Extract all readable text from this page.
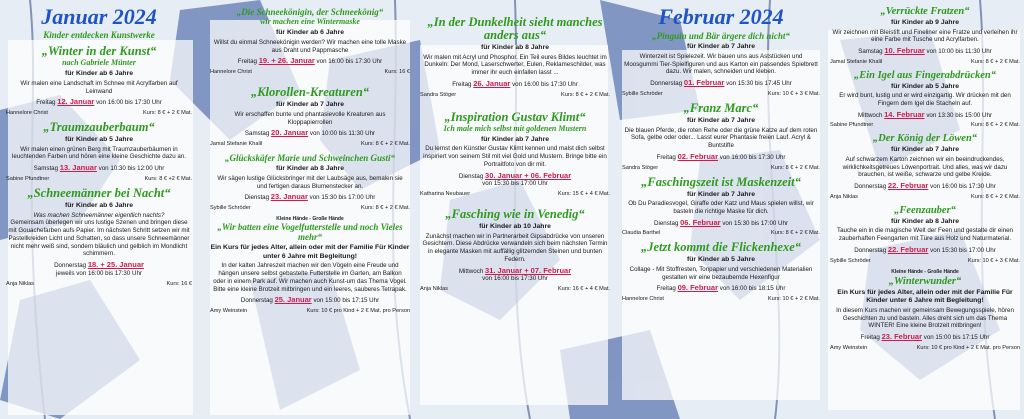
Januar 2024
Kinder entdecken Kunstwerke
„Winter in der Kunst“
nach Gabriele Münter
für Kinder ab 6 Jahre
Wir malen eine Landschaft im Schnee mit Acrylfarben auf Leinwand
Freitag 12. Januar von 16:00 bis 17:30 Uhr
Hannelore Christ	Kurs: 8 € + 2 € Mat.
„Traumzauberbaum“
für Kinder ab 5 Jahre
Wir malen einen grünen Berg mit Traumzauberbäumen in leuchtenden Farben und hören eine kleine Geschichte dazu an.
Samstag 13. Januar von 10:30 bis 12:00 Uhr
Sabine Pfundtner	Kurs: 8 € +2 € Mat.
„Schneemänner bei Nacht“
für Kinder ab 6 Jahre
Was machen Schneemänner eigentlich nachts?
Gemeinsam überlegen wir uns lustige Szenen und bringen diese mit Gouachefarben aufs Papier. Im nächsten Schritt setzen wir mit Pastellkreiden Licht und Schatten, so dass unsere Schneemänner nicht mehr weiß sind, sondern bläulich und gelblich im Mondlicht schimmern.
Donnerstag 18. + 25. Januar
jeweils von 16:00 bis 17:30 Uhr
Anja Niklas	Kurs: 16 €
„Die Schneekönigin, der Schneekönig“
wir machen eine Wintermaske
für Kinder ab 6 Jahre
Willst du einmal Schneekönigin werden? Wir machen eine tolle Maske aus Draht und Pappmasche
Freitag 19. + 26. Januar von 16:00 bis 17:30 Uhr
Hannelore Christ	Kurs: 16 €
„Klorollen-Kreaturen“
für Kinder ab 7 Jahre
Wir erschaffen bunte und phantasievolle Kreaturen aus Kloppapierrollen
Samstag 20. Januar von 10:00 bis 11:30 Uhr
Jamal Stefanie Khalil	Kurs: 8 € + 2 € Mat.
„Glückskäfer Marie und Schweinchen Gusti“
für Kinder ab 8 Jahre
Wir sägen lustige Glücksbringer mit der Laubsäge aus, bemalen sie und fertigen daraus Blumenstecker an.
Dienstag 23. Januar von 15:30 bis 17:00 Uhr
Sybille Schröder	Kurs: 8 € + 2 € Mat.
Kleine Hände - Große Hände
„Wir batten eine Vogelfutterstelle und noch Vieles mehr“
Ein Kurs für jedes Alter, allein oder mit der Familie Für Kinder unter 6 Jahre mit Begleitung!
In der kalten Jahreszeit machen wir den Vögeln eine Freude und hängen unsere selbst gebastelte Futterstelle im Garten, am Balkon oder in einem Park auf. Wir machen auch Kunst-um das Thema Vogel. Bitte eine kleine Brotzeit mitbringen und ein leeres, sauberes Tetrapak.
Donnerstag 25. Januar von 15:00 bis 17:15 Uhr
Amy Weinstein	Kurs: 10 € pro Kind + 2 € Mat. pro Person
„In der Dunkelheit sieht manches anders aus“
für Kinder ab 8 Jahre
Wir malen mit Acryl und Phosphor. Ein Teil eures Bildes leuchtet im Dunkeln: Der Mond, Laserschwerter, Eulen, Reklameschilder, was immer ihr euch einfallen lasst ...
Freitag 26. Januar von 16:00 bis 17:30 Uhr
Sandra Stöger	Kurs: 8 € + 2 € Mat.
„Inspiration Gustav Klimt“
Ich male mich selbst mit goldenen Mustern
für Kinder ab 7 Jahre
Du lernst den Künstler Gustav Klimt kennen und malst dich selbst inspiriert von seinem Stil mit viel Gold und Mustern. Bringe bitte ein Portraitfoto von dir mit.
Dienstag 30. Januar + 06. Februar
von 15:30 bis 17:00 Uhr
Katharina Neubauer	Kurs: 15 € + 4 € Mat.
„Fasching wie in Venedig“
für Kinder ab 10 Jahre
Zunächst machen wir in Partnerarbeit Gipsabdrücke von unseren Gesichtern. Diese Abdrücke verwandeln sich beim nächsten Termin in elegante Masken mit auffällig glitzernden Steinen und bunten Federn.
Mittwoch 31. Januar + 07. Februar
von 16:00 bis 17:30 Uhr
Anja Niklas	Kurs: 16 € + 4 € Mat.
Februar 2024
„Pinguin und Bär ärgere dich nicht“
für Kinder ab 7 Jahre
Winterzeit ist Spielezeit. Wir bauen uns aus Aststücken und Moosgummi Tier-Spielfiguren und aus Karton ein passendes Spielbrett dazu. Wir malen, schneiden und kleben.
Donnerstag 01. Februar von 15:30 bis 17:45 Uhr
Sybille Schröder	Kurs: 10 € + 3 € Mat.
„Franz Marc“
für Kinder ab 7 Jahre
Die blauen Pferde, die roten Rehe oder die grüne Katze auf dem roten Sofa, gelbe oder oder... Lasst eurer Phantasie freien Lauf. Acryl & Buntstifte
Freitag 02. Februar von 16:00 bis 17:30 Uhr
Sandra Stöger	Kurs: 8 € + 2 € Mat.
„Faschingszeit ist Maskenzeit“
für Kinder ab 7 Jahre
Ob Du Paradiesvogel, Giraffe oder Katz und Maus spielen willst, wir basteln die richtige Maske für dich.
Dienstag 06. Februar von 15:30 bis 17:00 Uhr
Claudia Barthel	Kurs: 8 € + 2 € Mat.
„Jetzt kommt die Flickenhexe“
für Kinder ab 5 Jahre
Collage - Mit Stoffresten, Tonpapier und verschiedenen Materialien gestalten wir eine bezaubernde Hexenfigur
Freitag 09. Februar von 16:00 bis 18:15 Uhr
Hannelore Christ	Kurs: 10 € + 2 € Mat.
„Verrückte Fratzen“
für Kinder ab 9 Jahre
Wir zeichnen mit Bleistift und Fineliner eine Fratze und verleihen ihr eine Farbe mit Tusche und Acrylfarben.
Samstag 10. Februar von 10:00 bis 11:30 Uhr
Jamal Stefanie Khalil	Kurs: 8 € + 2 € Mat.
„Ein Igel aus Fingerabdrücken“
für Kinder ab 5 Jahre
Er wird bunt, lustig und er wird einzigartig. Wir drücken mit den Fingern dem Igel die Stacheln auf.
Mittwoch 14. Februar von 13:30 bis 15:00 Uhr
Sabine Pfundtner	Kurs: 8 € + 2 € Mat.
„Der König der Löwen“
für Kinder ab 7 Jahre
Auf schwarzem Karton zeichnen wir ein beeindruckendes, wirklichkeitsgetreues Löwenportrait. Und alles, was wir dazu brauchen, ist weiße, schwarze und gelbe Kreide.
Donnerstag 22. Februar von 16:00 bis 17:30 Uhr
Anja Niklas	Kurs: 8 € + 2 € Mat.
„Feenzauber“
für Kinder ab 8 Jahre
Tauche ein in die magische Welt der Feen und gestalte dir einen zauberhaften Feengarten mit Türe aus Holz und Naturmaterial.
Donnerstag 22. Februar von 15:30 bis 17:00 Uhr
Sybille Schröder	Kurs: 10 € + 3 € Mat.
Kleine Hände - Große Hände
„Winterwunder“
Ein Kurs für jedes Alter, allein oder mit der Familie Für Kinder unter 6 Jahre mit Begleitung!
In diesem Kurs machen wir gemeinsam Bewegungsspiele, hören Geschichten zu und basteln. Alles dreht sich um das Thema WINTER! Eine kleine Brotzeit mitbringen!
Freitag 23. Februar von 15:00 bis 17:15 Uhr
Amy Weinstein	Kurs: 10 € pro Kind + 2 € Mat. pro Person
